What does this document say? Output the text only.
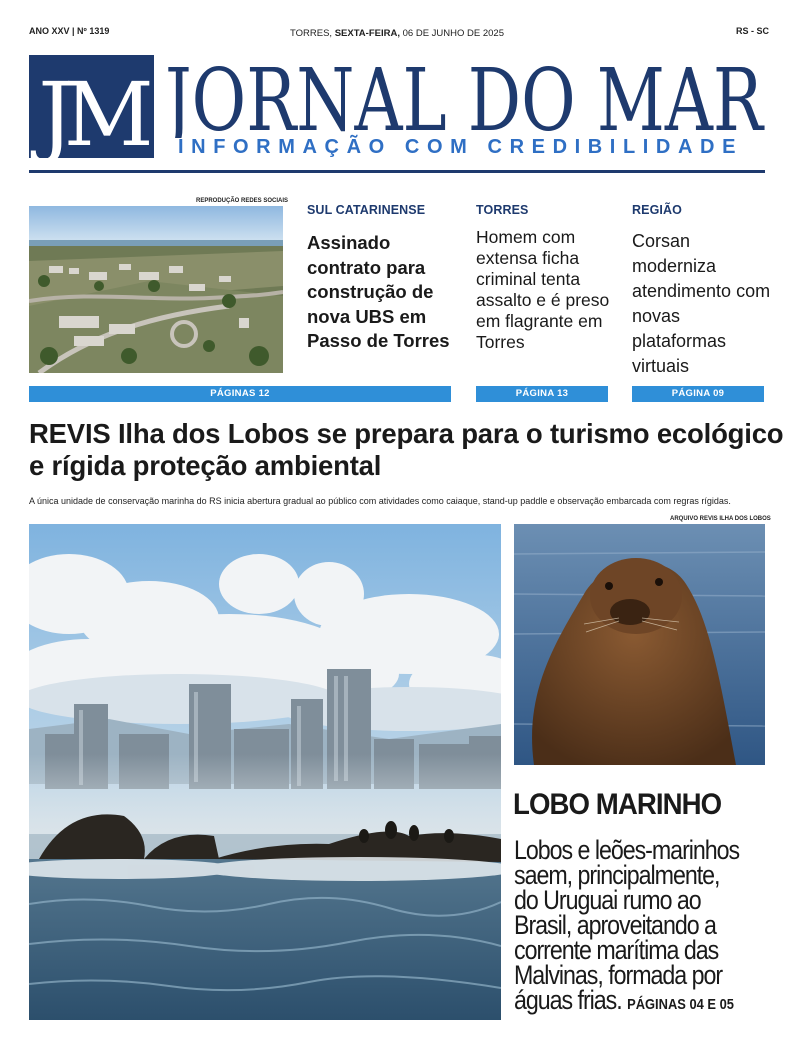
ANO XXV | Nº 1319	TORRES, SEXTA-FEIRA, 06 DE JUNHO DE 2025	RS - SC
JM JORNAL DO MAR
INFORMAÇÃO COM CREDIBILIDADE
REPRODUÇÃO REDES SOCIAIS
SUL CATARINENSE
Assinado contrato para construção de nova UBS em Passo de Torres
PÁGINAS 12
TORRES
Homem com extensa ficha criminal tenta assalto e é preso em flagrante em Torres
PÁGINA 13
REGIÃO
Corsan moderniza atendimento com novas plataformas virtuais
PÁGINA 09
REVIS Ilha dos Lobos se prepara para o turismo ecológico e rígida proteção ambiental
A única unidade de conservação marinha do RS inicia abertura gradual ao público com atividades como caiaque, stand-up paddle e observação embarcada com regras rígidas.
ARQUIVO REVIS ILHA DOS LOBOS
LOBO MARINHO
Lobos e leões-marinhos saem, principalmente, do Uruguai rumo ao Brasil, aproveitando a corrente marítima das Malvinas, formada por águas frias. PÁGINAS 04 E 05
